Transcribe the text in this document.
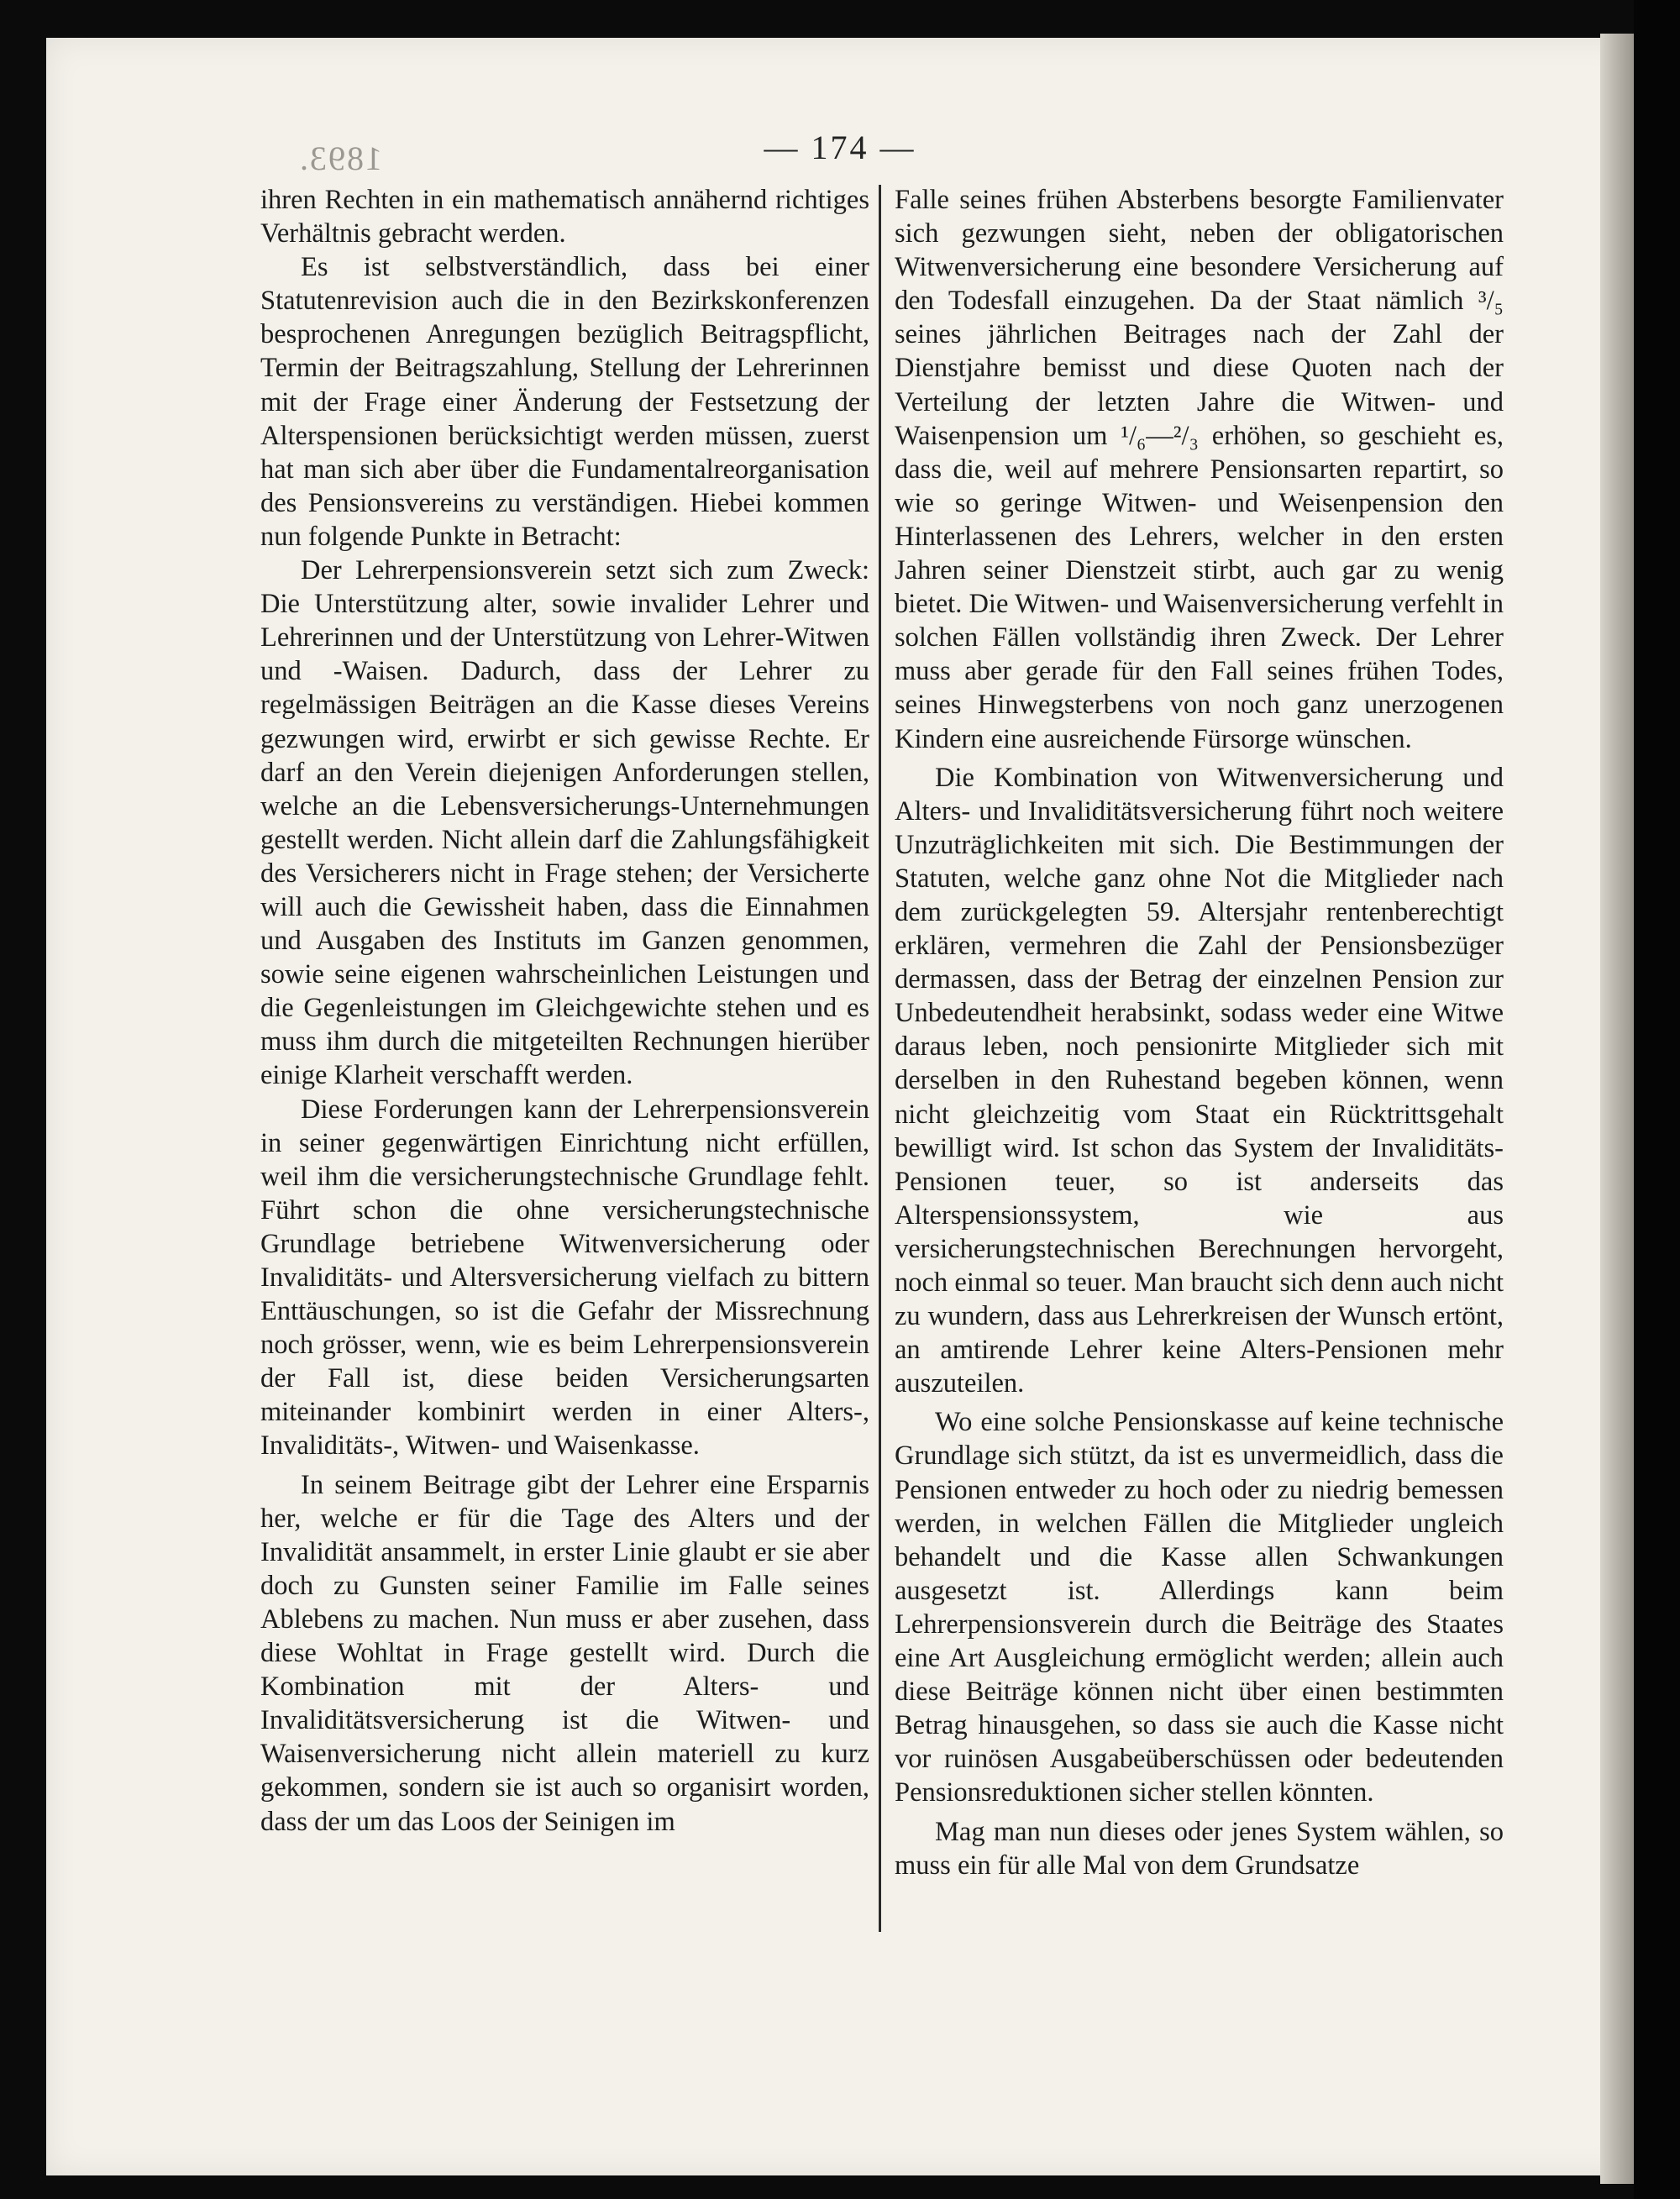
1893.	— 174 —

ihren Rechten in ein mathematisch annähernd richtiges Verhältnis gebracht werden.

Es ist selbstverständlich, dass bei einer Statutenrevision auch die in den Bezirkskonferenzen besprochenen Anregungen bezüglich Beitragspflicht, Termin der Beitragszahlung, Stellung der Lehrerinnen mit der Frage einer Änderung der Festsetzung der Alterspensionen berücksichtigt werden müssen, zuerst hat man sich aber über die Fundamentalreorganisation des Pensionsvereins zu verständigen. Hiebei kommen nun folgende Punkte in Betracht:

Der Lehrerpensionsverein setzt sich zum Zweck: Die Unterstützung alter, sowie invalider Lehrer und Lehrerinnen und der Unterstützung von Lehrer-Witwen und -Waisen. Dadurch, dass der Lehrer zu regelmässigen Beiträgen an die Kasse dieses Vereins gezwungen wird, erwirbt er sich gewisse Rechte. Er darf an den Verein diejenigen Anforderungen stellen, welche an die Lebensversicherungs-Unternehmungen gestellt werden. Nicht allein darf die Zahlungsfähigkeit des Versicherers nicht in Frage stehen; der Versicherte will auch die Gewissheit haben, dass die Einnahmen und Ausgaben des Instituts im Ganzen genommen, sowie seine eigenen wahrscheinlichen Leistungen und die Gegenleistungen im Gleichgewichte stehen und es muss ihm durch die mitgeteilten Rechnungen hierüber einige Klarheit verschafft werden.

Diese Forderungen kann der Lehrerpensionsverein in seiner gegenwärtigen Einrichtung nicht erfüllen, weil ihm die versicherungstechnische Grundlage fehlt. Führt schon die ohne versicherungstechnische Grundlage betriebene Witwenversicherung oder Invaliditäts- und Altersversicherung vielfach zu bittern Enttäuschungen, so ist die Gefahr der Missrechnung noch grösser, wenn, wie es beim Lehrerpensionsverein der Fall ist, diese beiden Versicherungsarten miteinander kombinirt werden in einer Alters-, Invaliditäts-, Witwen- und Waisenkasse.

In seinem Beitrage gibt der Lehrer eine Ersparnis her, welche er für die Tage des Alters und der Invalidität ansammelt, in erster Linie glaubt er sie aber doch zu Gunsten seiner Familie im Falle seines Ablebens zu machen. Nun muss er aber zusehen, dass diese Wohltat in Frage gestellt wird. Durch die Kombination mit der Alters- und Invaliditätsversicherung ist die Witwen- und Waisenversicherung nicht allein materiell zu kurz gekommen, sondern sie ist auch so organisirt worden, dass der um das Loos der Seinigen im

Falle seines frühen Absterbens besorgte Familienvater sich gezwungen sieht, neben der obligatorischen Witwenversicherung eine besondere Versicherung auf den Todesfall einzugehen. Da der Staat nämlich ³/₅ seines jährlichen Beitrages nach der Zahl der Dienstjahre bemisst und diese Quoten nach der Verteilung der letzten Jahre die Witwen- und Waisenpension um ¹/₆—²/₃ erhöhen, so geschieht es, dass die, weil auf mehrere Pensionsarten repartirt, so wie so geringe Witwen- und Weisenpension den Hinterlassenen des Lehrers, welcher in den ersten Jahren seiner Dienstzeit stirbt, auch gar zu wenig bietet. Die Witwen- und Waisenversicherung verfehlt in solchen Fällen vollständig ihren Zweck. Der Lehrer muss aber gerade für den Fall seines frühen Todes, seines Hinwegsterbens von noch ganz unerzogenen Kindern eine ausreichende Fürsorge wünschen.

Die Kombination von Witwenversicherung und Alters- und Invaliditätsversicherung führt noch weitere Unzuträglichkeiten mit sich. Die Bestimmungen der Statuten, welche ganz ohne Not die Mitglieder nach dem zurückgelegten 59. Altersjahr rentenberechtigt erklären, vermehren die Zahl der Pensionsbezüger dermassen, dass der Betrag der einzelnen Pension zur Unbedeutendheit herabsinkt, sodass weder eine Witwe daraus leben, noch pensionirte Mitglieder sich mit derselben in den Ruhestand begeben können, wenn nicht gleichzeitig vom Staat ein Rücktrittsgehalt bewilligt wird. Ist schon das System der Invaliditäts-Pensionen teuer, so ist anderseits das Alterspensionssystem, wie aus versicherungstechnischen Berechnungen hervorgeht, noch einmal so teuer. Man braucht sich denn auch nicht zu wundern, dass aus Lehrerkreisen der Wunsch ertönt, an amtirende Lehrer keine Alters-Pensionen mehr auszuteilen.

Wo eine solche Pensionskasse auf keine technische Grundlage sich stützt, da ist es unvermeidlich, dass die Pensionen entweder zu hoch oder zu niedrig bemessen werden, in welchen Fällen die Mitglieder ungleich behandelt und die Kasse allen Schwankungen ausgesetzt ist. Allerdings kann beim Lehrerpensionsverein durch die Beiträge des Staates eine Art Ausgleichung ermöglicht werden; allein auch diese Beiträge können nicht über einen bestimmten Betrag hinausgehen, so dass sie auch die Kasse nicht vor ruinösen Ausgabeüberschüssen oder bedeutenden Pensionsreduktionen sicher stellen könnten.

Mag man nun dieses oder jenes System wählen, so muss ein für alle Mal von dem Grundsatze
